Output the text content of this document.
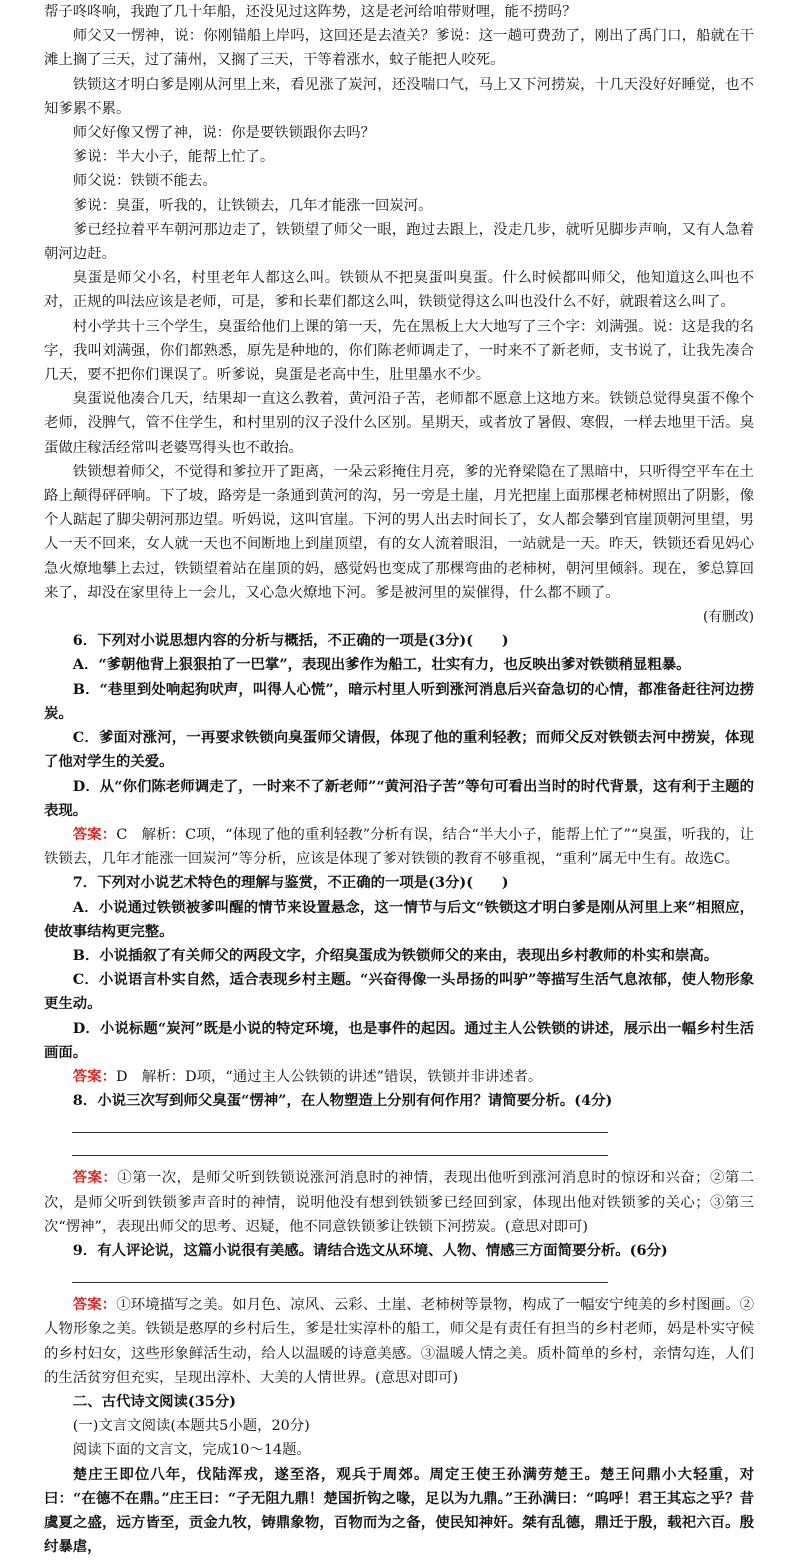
帮子咚咚响，我跑了几十年船，还没见过这阵势，这是老河给咱带财哩，能不捞吗？

师父又一愣神，说：你刚锚船上岸吗，这回还是去渣关？爹说：这一趟可费劲了，刚出了禹门口，船就在干滩上搁了三天，过了蒲州，又搁了三天，干等着涨水，蚊子能把人咬死。

铁锁这才明白爹是刚从河里上来，看见涨了炭河，还没喘口气，马上又下河捞炭，十几天没好好睡觉，也不知爹累不累。

师父好像又愣了神，说：你是要铁锁跟你去吗？

爹说：半大小子，能帮上忙了。

师父说：铁锁不能去。

爹说：臭蛋，听我的，让铁锁去，几年才能涨一回炭河。

爹已经拉着平车朝河那边走了，铁锁望了师父一眼，跑过去跟上，没走几步，就听见脚步声响，又有人急着朝河边赶。

臭蛋是师父小名，村里老年人都这么叫。铁锁从不把臭蛋叫臭蛋。什么时候都叫师父，他知道这么叫也不对，正规的叫法应该是老师，可是，爹和长辈们都这么叫，铁锁觉得这么叫也没什么不好，就跟着这么叫了。

村小学共十三个学生，臭蛋给他们上课的第一天，先在黑板上大大地写了三个字：刘满强。说：这是我的名字，我叫刘满强，你们都熟悉，原先是种地的，你们陈老师调走了，一时来不了新老师，支书说了，让我先凑合几天，要不把你们课误了。听爹说，臭蛋是老高中生，肚里墨水不少。

臭蛋说他凑合几天，结果却一直这么教着，黄河沿子苦，老师都不愿意上这地方来。铁锁总觉得臭蛋不像个老师，没脾气，管不住学生，和村里别的汉子没什么区别。星期天，或者放了暑假、寒假，一样去地里干活。臭蛋做庄稼活经常叫老婆骂得头也不敢抬。

铁锁想着师父，不觉得和爹拉开了距离，一朵云彩掩住月亮，爹的光脊梁隐在了黑暗中，只听得空平车在土路上颠得砰砰响。下了坡，路旁是一条通到黄河的沟，另一旁是土崖，月光把崖上面那棵老柿树照出了阴影，像个人踮起了脚尖朝河那边望。听妈说，这叫官崖。下河的男人出去时间长了，女人都会攀到官崖顶朝河里望，男人一天不回来，女人就一天也不间断地上到崖顶望，有的女人流着眼泪，一站就是一天。昨天，铁锁还看见妈心急火燎地攀上去过，铁锁望着站在崖顶的妈，感觉妈也变成了那棵弯曲的老柿树，朝河里倾斜。现在，爹总算回来了，却没在家里待上一会儿，又心急火燎地下河。爹是被河里的炭催得，什么都不顾了。

(有删改)

6．下列对小说思想内容的分析与概括，不正确的一项是(3分)(　　)

A．“爹朝他背上狠狠拍了一巴掌”，表现出爹作为船工，壮实有力，也反映出爹对铁锁稍显粗暴。

B．“巷里到处响起狗吠声，叫得人心慌”，暗示村里人听到涨河消息后兴奋急切的心情，都准备赶往河边捞炭。

C．爹面对涨河，一再要求铁锁向臭蛋师父请假，体现了他的重利轻教；而师父反对铁锁去河中捞炭，体现了他对学生的关爱。

D．从“你们陈老师调走了，一时来不了新老师”“黄河沿子苦”等句可看出当时的时代背景，这有利于主题的表现。

答案：C　解析：C项，“体现了他的重利轻教”分析有误，结合“半大小子，能帮上忙了”“臭蛋，听我的，让铁锁去，几年才能涨一回炭河”等分析，应该是体现了爹对铁锁的教育不够重视，“重利”属无中生有。故选C。

7．下列对小说艺术特色的理解与鉴赏，不正确的一项是(3分)(　　)

A．小说通过铁锁被爹叫醒的情节来设置悬念，这一情节与后文“铁锁这才明白爹是刚从河里上来”相照应，使故事结构更完整。

B．小说插叙了有关师父的两段文字，介绍臭蛋成为铁锁师父的来由，表现出乡村教师的朴实和崇高。

C．小说语言朴实自然，适合表现乡村主题。“兴奋得像一头昂扬的叫驴”等描写生活气息浓郁，使人物形象更生动。

D．小说标题“炭河”既是小说的特定环境，也是事件的起因。通过主人公铁锁的讲述，展示出一幅乡村生活画面。

答案：D　解析：D项，“通过主人公铁锁的讲述”错误，铁锁并非讲述者。

8．小说三次写到师父臭蛋“愣神”，在人物塑造上分别有何作用？请简要分析。(4分)

答案：①第一次，是师父听到铁锁说涨河消息时的神情，表现出他听到涨河消息时的惊讶和兴奋；②第二次，是师父听到铁锁爹声音时的神情，说明他没有想到铁锁爹已经回到家，体现出他对铁锁爹的关心；③第三次“愣神”，表现出师父的思考、迟疑，他不同意铁锁爹让铁锁下河捞炭。(意思对即可)

9．有人评论说，这篇小说很有美感。请结合选文从环境、人物、情感三方面简要分析。(6分)

答案：①环境描写之美。如月色、凉风、云彩、土崖、老柿树等景物，构成了一幅安宁纯美的乡村图画。②人物形象之美。铁锁是憨厚的乡村后生，爹是壮实淳朴的船工，师父是有责任有担当的乡村老师，妈是朴实守候的乡村妇女，这些形象鲜活生动，给人以温暖的诗意美感。③温暖人情之美。质朴简单的乡村，亲情勾连，人们的生活贫穷但充实，呈现出淳朴、大美的人情世界。(意思对即可)

二、古代诗文阅读(35分)

(一)文言文阅读(本题共5小题，20分)

阅读下面的文言文，完成10～14题。

楚庄王即位八年，伐陆浑戎，遂至洛，观兵于周郊。周定王使王孙满劳楚王。楚王问鼎小大轻重，对曰：“在德不在鼎。”庄王曰：“子无阻九鼎！楚国折钩之喙，足以为九鼎。”王孙满曰：“呜呼！君王其忘之乎？昔虞夏之盛，远方皆至，贡金九牧，铸鼎象物，百物而为之备，使民知神奸。桀有乱德，鼎迁于殷，载祀六百。殷纣暴虐，
